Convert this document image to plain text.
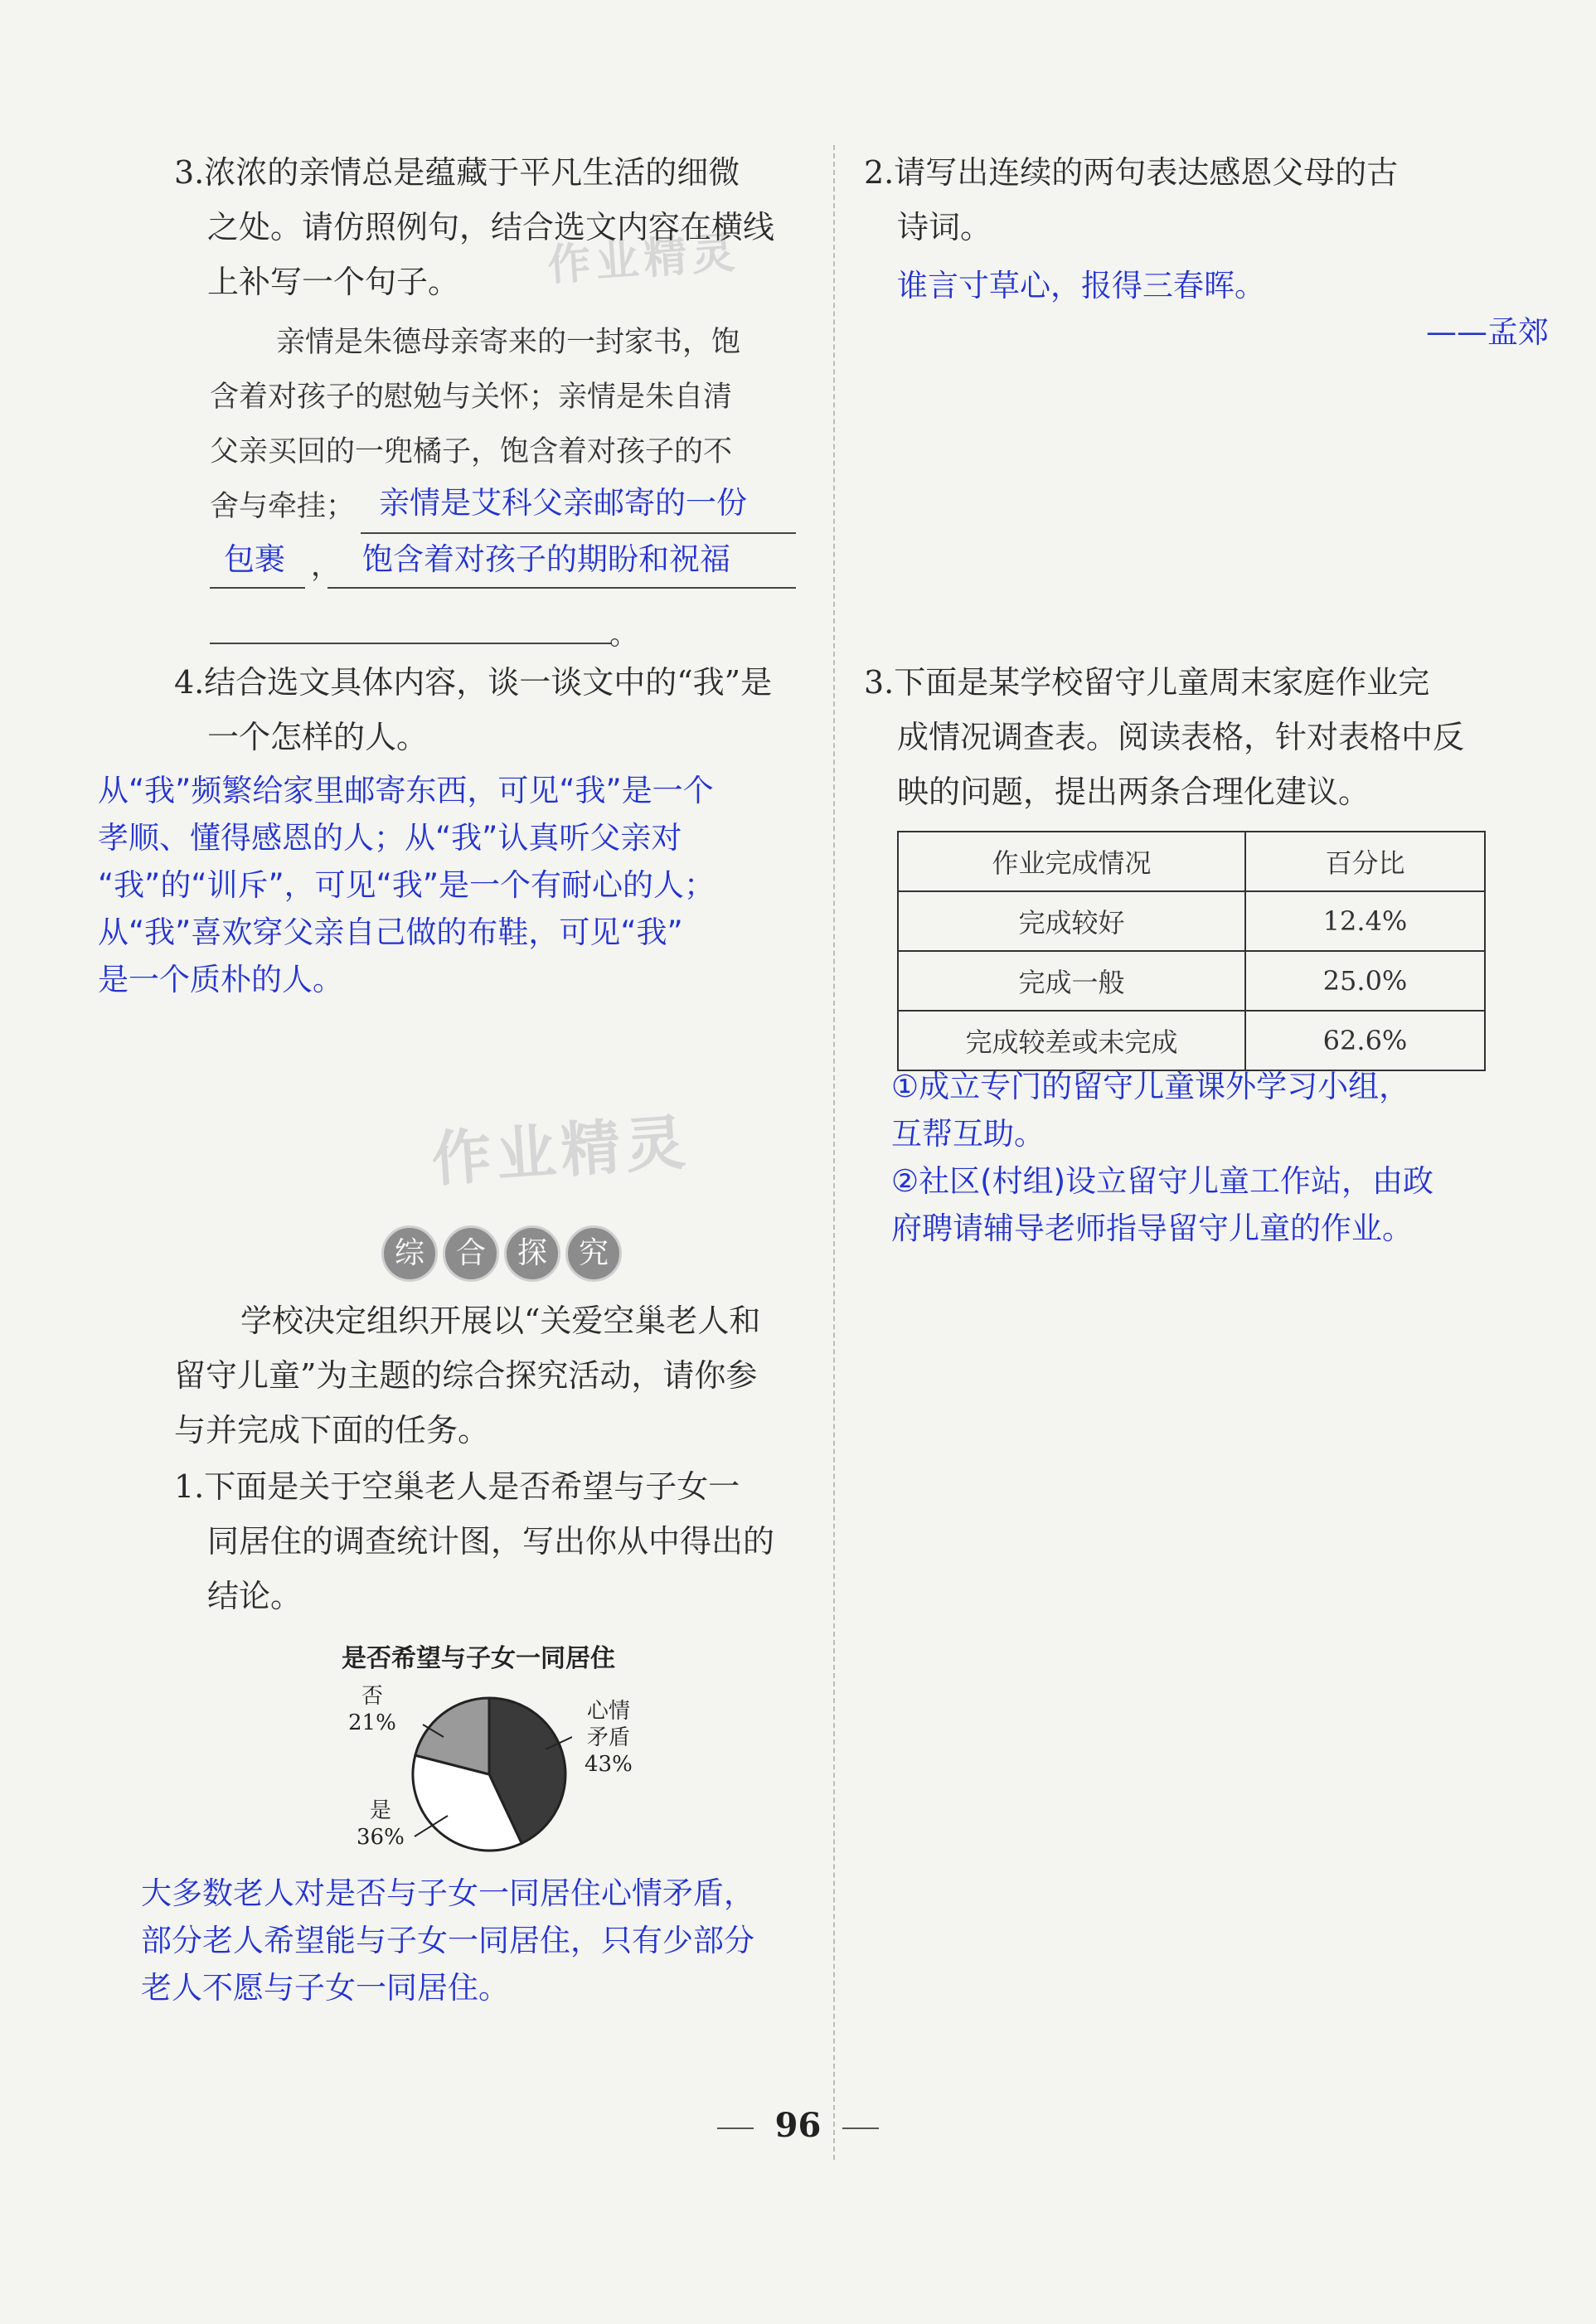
作业精灵
作业精灵
3.浓浓的亲情总是蕴藏于平凡生活的细微
之处。请仿照例句，结合选文内容在横线
上补写一个句子。
亲情是朱德母亲寄来的一封家书，饱
含着对孩子的慰勉与关怀；亲情是朱自清
父亲买回的一兜橘子，饱含着对孩子的不
舍与牵挂； 亲情是艾科父亲邮寄的一份
包裹 ， 饱含着对孩子的期盼和祝福
。
4.结合选文具体内容，谈一谈文中的“我”是
一个怎样的人。
从“我”频繁给家里邮寄东西，可见“我”是一个
孝顺、懂得感恩的人；从“我”认真听父亲对
“我”的“训斥”，可见“我”是一个有耐心的人；
从“我”喜欢穿父亲自己做的布鞋，可见“我”
是一个质朴的人。
综	合	探	究
学校决定组织开展以“关爱空巢老人和
留守儿童”为主题的综合探究活动，请你参
与并完成下面的任务。
1.下面是关于空巢老人是否希望与子女一
同居住的调查统计图，写出你从中得出的
结论。
是否希望与子女一同居住
否
21%	心情
矛盾
43%
是
36%
大多数老人对是否与子女一同居住心情矛盾，
部分老人希望能与子女一同居住，只有少部分
老人不愿与子女一同居住。
2.请写出连续的两句表达感恩父母的古
诗词。
谁言寸草心，报得三春晖。
——孟郊
3.下面是某学校留守儿童周末家庭作业完
成情况调查表。阅读表格，针对表格中反
映的问题，提出两条合理化建议。
作业完成情况	百分比
完成较好	12.4%
完成一般	25.0%
完成较差或未完成	62.6%
①成立专门的留守儿童课外学习小组，
互帮互助。
②社区(村组)设立留守儿童工作站，由政
府聘请辅导老师指导留守儿童的作业。
96
